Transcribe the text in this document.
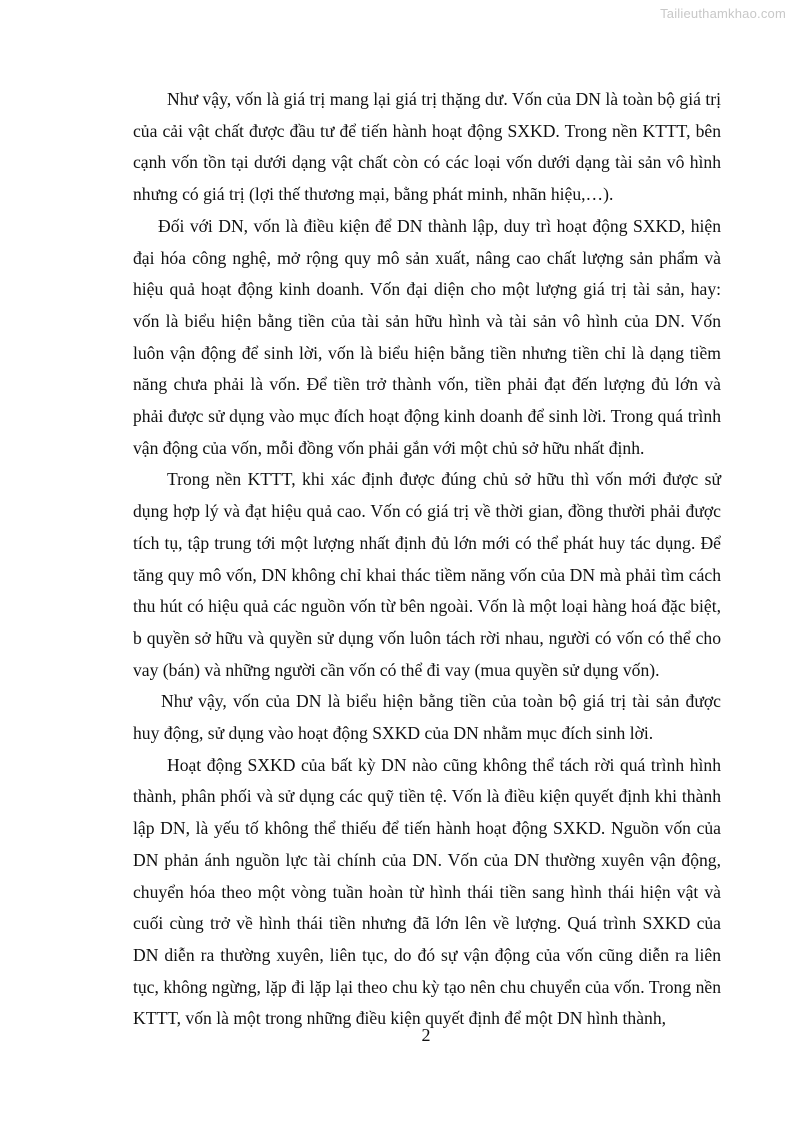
Tailieuthamkhao.com

Như vậy, vốn là giá trị mang lại giá trị thặng dư. Vốn của DN là toàn bộ giá trị của cải vật chất được đầu tư để tiến hành hoạt động SXKD. Trong nền KTTT, bên cạnh vốn tồn tại dưới dạng vật chất còn có các loại vốn dưới dạng tài sản vô hình nhưng có giá trị (lợi thế thương mại, bằng phát minh, nhãn hiệu,…).

Đối với DN, vốn là điều kiện để DN thành lập, duy trì hoạt động SXKD, hiện đại hóa công nghệ, mở rộng quy mô sản xuất, nâng cao chất lượng sản phẩm và hiệu quả hoạt động kinh doanh. Vốn đại diện cho một lượng giá trị tài sản, hay: vốn là biểu hiện bằng tiền của tài sản hữu hình và tài sản vô hình của DN. Vốn luôn vận động để sinh lời, vốn là biểu hiện bằng tiền nhưng tiền chỉ là dạng tiềm năng chưa phải là vốn. Để tiền trở thành vốn, tiền phải đạt đến lượng đủ lớn và phải được sử dụng vào mục đích hoạt động kinh doanh để sinh lời. Trong quá trình vận động của vốn, mỗi đồng vốn phải gắn với một chủ sở hữu nhất định.

Trong nền KTTT, khi xác định được đúng chủ sở hữu thì vốn mới được sử dụng hợp lý và đạt hiệu quả cao. Vốn có giá trị về thời gian, đồng thười phải được tích tụ, tập trung tới một lượng nhất định đủ lớn mới có thể phát huy tác dụng. Để tăng quy mô vốn, DN không chỉ khai thác tiềm năng vốn của DN mà phải tìm cách thu hút có hiệu quả các nguồn vốn từ bên ngoài. Vốn là một loại hàng hoá đặc biệt, b quyền sở hữu và quyền sử dụng vốn luôn tách rời nhau, người có vốn có thể cho vay (bán) và những người cần vốn có thể đi vay (mua quyền sử dụng vốn).

Như vậy, vốn của DN là biểu hiện bằng tiền của toàn bộ giá trị tài sản được huy động, sử dụng vào hoạt động SXKD của DN nhằm mục đích sinh lời.

Hoạt động SXKD của bất kỳ DN nào cũng không thể tách rời quá trình hình thành, phân phối và sử dụng các quỹ tiền tệ. Vốn là điều kiện quyết định khi thành lập DN, là yếu tố không thể thiếu để tiến hành hoạt động SXKD. Nguồn vốn của DN phản ánh nguồn lực tài chính của DN. Vốn của DN thường xuyên vận động, chuyển hóa theo một vòng tuần hoàn từ hình thái tiền sang hình thái hiện vật và cuối cùng trở về hình thái tiền nhưng đã lớn lên về lượng. Quá trình SXKD của DN diễn ra thường xuyên, liên tục, do đó sự vận động của vốn cũng diễn ra liên tục, không ngừng, lặp đi lặp lại theo chu kỳ tạo nên chu chuyển của vốn. Trong nền KTTT, vốn là một trong những điều kiện quyết định để một DN hình thành,

2
